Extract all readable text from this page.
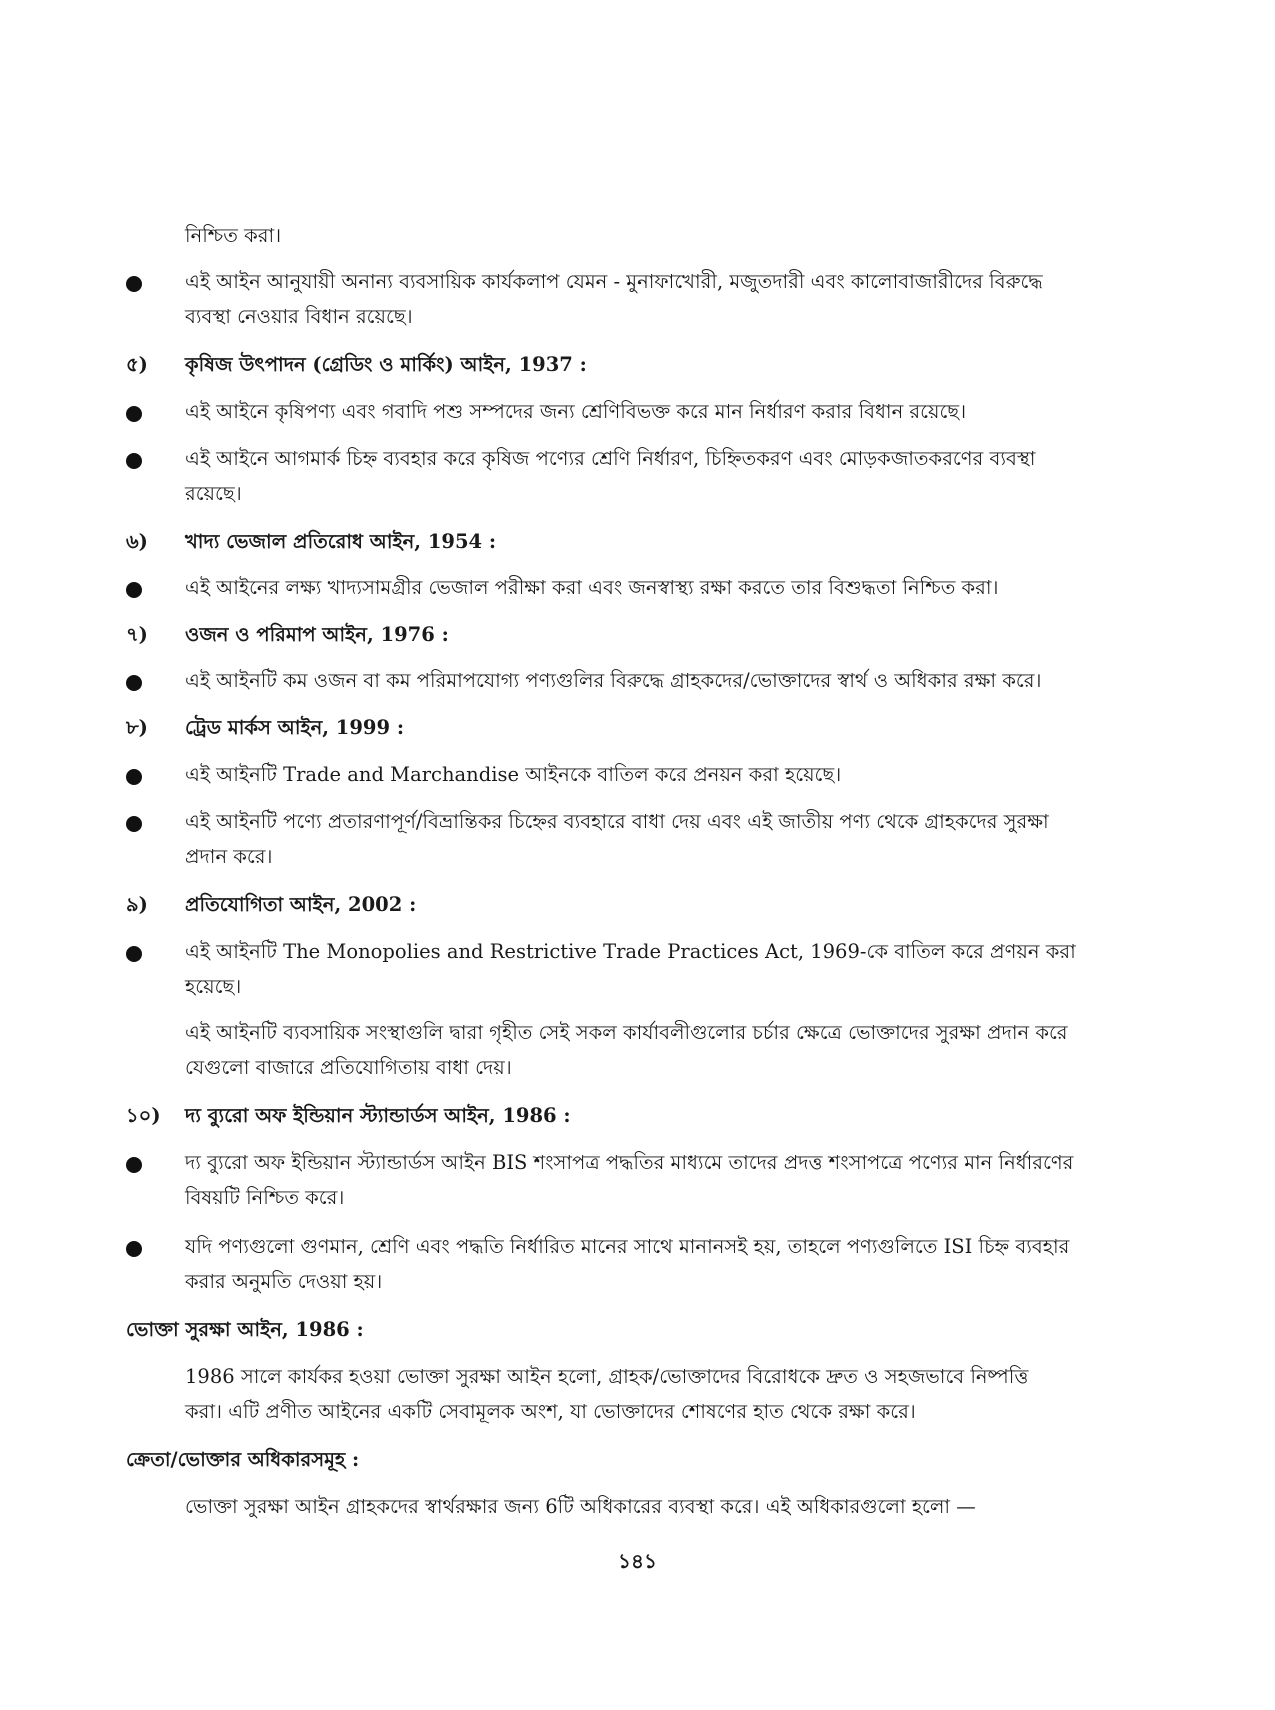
নিশ্চিত করা।
এই আইন আনুযায়ী অনান্য ব্যবসায়িক কার্যকলাপ যেমন - মুনাফাখোরী, মজুতদারী এবং কালোবাজারীদের বিরুদ্ধে
ব্যবস্থা নেওয়ার বিধান রয়েছে।
৫) কৃষিজ উৎপাদন (গ্রেডিং ও মার্কিং) আইন, 1937 :
এই আইনে কৃষিপণ্য এবং গবাদি পশু সম্পদের জন্য শ্রেণিবিভক্ত করে মান নির্ধারণ করার বিধান রয়েছে।
এই আইনে আগমার্ক চিহ্ন ব্যবহার করে কৃষিজ পণ্যের শ্রেণি নির্ধারণ, চিহ্নিতকরণ এবং মোড়কজাতকরণের ব্যবস্থা
রয়েছে।
৬) খাদ্য ভেজাল প্রতিরোধ আইন, 1954 :
এই আইনের লক্ষ্য খাদ্যসামগ্রীর ভেজাল পরীক্ষা করা এবং জনস্বাস্থ্য রক্ষা করতে তার বিশুদ্ধতা নিশ্চিত করা।
৭) ওজন ও পরিমাপ আইন, 1976 :
এই আইনটি কম ওজন বা কম পরিমাপযোগ্য পণ্যগুলির বিরুদ্ধে গ্রাহকদের/ভোক্তাদের স্বার্থ ও অধিকার রক্ষা করে।
৮) ট্রেড মার্কস আইন, 1999 :
এই আইনটি Trade and Marchandise আইনকে বাতিল করে প্রনয়ন করা হয়েছে।
এই আইনটি পণ্যে প্রতারণাপূর্ণ/বিভ্রান্তিকর চিহ্নের ব্যবহারে বাধা দেয় এবং এই জাতীয় পণ্য থেকে গ্রাহকদের সুরক্ষা
প্রদান করে।
৯) প্রতিযোগিতা আইন, 2002 :
এই আইনটি The Monopolies and Restrictive Trade Practices Act, 1969-কে বাতিল করে প্রণয়ন করা
হয়েছে।
এই আইনটি ব্যবসায়িক সংস্থাগুলি দ্বারা গৃহীত সেই সকল কার্যাবলীগুলোর চর্চার ক্ষেত্রে ভোক্তাদের সুরক্ষা প্রদান করে
যেগুলো বাজারে প্রতিযোগিতায় বাধা দেয়।
১০) দ্য ব্যুরো অফ ইন্ডিয়ান স্ট্যান্ডার্ডস আইন, 1986 :
দ্য ব্যুরো অফ ইন্ডিয়ান স্ট্যান্ডার্ডস আইন BIS শংসাপত্র পদ্ধতির মাধ্যমে তাদের প্রদত্ত শংসাপত্রে পণ্যের মান নির্ধারণের
বিষয়টি নিশ্চিত করে।
যদি পণ্যগুলো গুণমান, শ্রেণি এবং পদ্ধতি নির্ধারিত মানের সাথে মানানসই হয়, তাহলে পণ্যগুলিতে ISI চিহ্ন ব্যবহার
করার অনুমতি দেওয়া হয়।
ভোক্তা সুরক্ষা আইন, 1986 :
1986 সালে কার্যকর হওয়া ভোক্তা সুরক্ষা আইন হলো, গ্রাহক/ভোক্তাদের বিরোধকে দ্রুত ও সহজভাবে নিষ্পত্তি
করা। এটি প্রণীত আইনের একটি সেবামূলক অংশ, যা ভোক্তাদের শোষণের হাত থেকে রক্ষা করে।
ক্রেতা/ভোক্তার অধিকারসমূহ :
ভোক্তা সুরক্ষা আইন গ্রাহকদের স্বার্থরক্ষার জন্য 6টি অধিকারের ব্যবস্থা করে। এই অধিকারগুলো হলো —
১৪১
